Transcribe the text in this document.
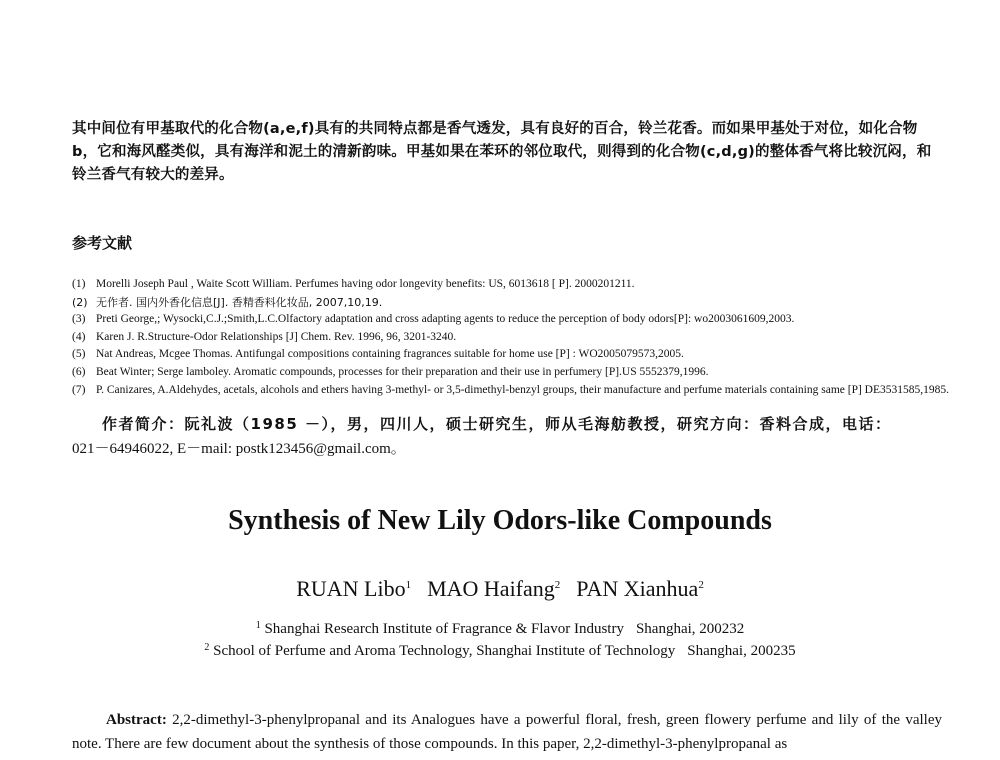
其中间位有甲基取代的化合物(a,e,f)具有的共同特点都是香气透发，具有良好的百合，铃兰花香。而如果甲基处于对位，如化合物b，它和海风醛类似，具有海洋和泥土的清新韵味。甲基如果在苯环的邻位取代，则得到的化合物(c,d,g)的整体香气将比较沉闷，和铃兰香气有较大的差异。

参考文献
(1) Morelli Joseph Paul , Waite Scott William. Perfumes having odor longevity benefits: US, 6013618 [ P]. 2000201211.
(2) 无作者. 国内外香化信息[J]. 香精香料化妆品, 2007,10,19.
(3) Preti George,; Wysocki,C.J.;Smith,L.C.Olfactory adaptation and cross adapting agents to reduce the perception of body odors[P]: wo2003061609,2003.
(4) Karen J. R.Structure-Odor Relationships [J] Chem. Rev. 1996, 96, 3201-3240.
(5) Nat Andreas, Mcgee Thomas. Antifungal compositions containing fragrances suitable for home use [P] : WO2005079573,2005.
(6) Beat Winter; Serge lamboley. Aromatic compounds, processes for their preparation and their use in perfumery [P].US 5552379,1996.
(7) P. Canizares, A.Aldehydes, acetals, alcohols and ethers having 3-methyl- or 3,5-dimethyl-benzyl groups, their manufacture and perfume materials containing same [P] DE3531585,1985.

作者简介：阮礼波（1985 －），男，四川人，硕士研究生，师从毛海舫教授，研究方向：香料合成，电话：
021－64946022, E－mail: postk123456@gmail.com。

Synthesis of New Lily Odors-like Compounds

RUAN Libo$^1$ MAO Haifang$^2$ PAN Xianhua$^2$

$^1$ Shanghai Research Institute of Fragrance & Flavor Industry Shanghai, 200232

$^2$ School of Perfume and Aroma Technology, Shanghai Institute of Technology Shanghai, 200235

Abstract: 2,2-dimethyl-3-phenylpropanal and its Analogues have a powerful floral, fresh, green flowery perfume and lily of the valley note. There are few document about the synthesis of those compounds. In this paper, 2,2-dimethyl-3-phenylpropanal as
